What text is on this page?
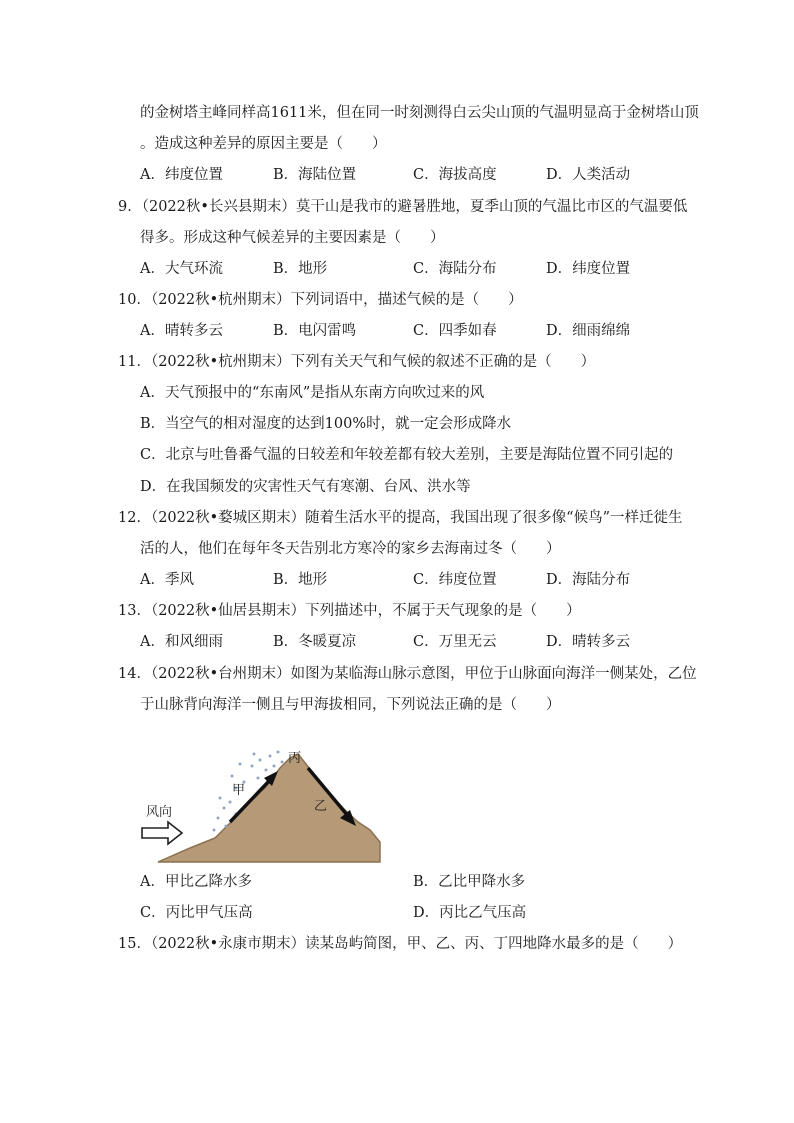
的金树塔主峰同样高1611米，但在同一时刻测得白云尖山顶的气温明显高于金树塔山顶
。造成这种差异的原因主要是（　　）
A．纬度位置	B．海陆位置	C．海拔高度	D．人类活动
9．（2022秋•长兴县期末）莫干山是我市的避暑胜地，夏季山顶的气温比市区的气温要低
得多。形成这种气候差异的主要因素是（　　）
A．大气环流	B．地形	C．海陆分布	D．纬度位置
10．（2022秋•杭州期末）下列词语中，描述气候的是（　　）
A．晴转多云	B．电闪雷鸣	C．四季如春	D．细雨绵绵
11．（2022秋•杭州期末）下列有关天气和气候的叙述不正确的是（　　）
A．天气预报中的“东南风”是指从东南方向吹过来的风
B．当空气的相对湿度的达到100%时，就一定会形成降水
C．北京与吐鲁番气温的日较差和年较差都有较大差别，主要是海陆位置不同引起的
D．在我国频发的灾害性天气有寒潮、台风、洪水等
12．（2022秋•婺城区期末）随着生活水平的提高，我国出现了很多像“候鸟”一样迁徙生
活的人，他们在每年冬天告别北方寒冷的家乡去海南过冬（　　）
A．季风	B．地形	C．纬度位置	D．海陆分布
13．（2022秋•仙居县期末）下列描述中，不属于天气现象的是（　　）
A．和风细雨	B．冬暖夏凉	C．万里无云	D．晴转多云
14．（2022秋•台州期末）如图为某临海山脉示意图，甲位于山脉面向海洋一侧某处，乙位
于山脉背向海洋一侧且与甲海拔相同，下列说法正确的是（　　）
风向
甲
乙
丙
A．甲比乙降水多	B．乙比甲降水多
C．丙比甲气压高	D．丙比乙气压高
15．（2022秋•永康市期末）读某岛屿简图，甲、乙、丙、丁四地降水最多的是（　　）
